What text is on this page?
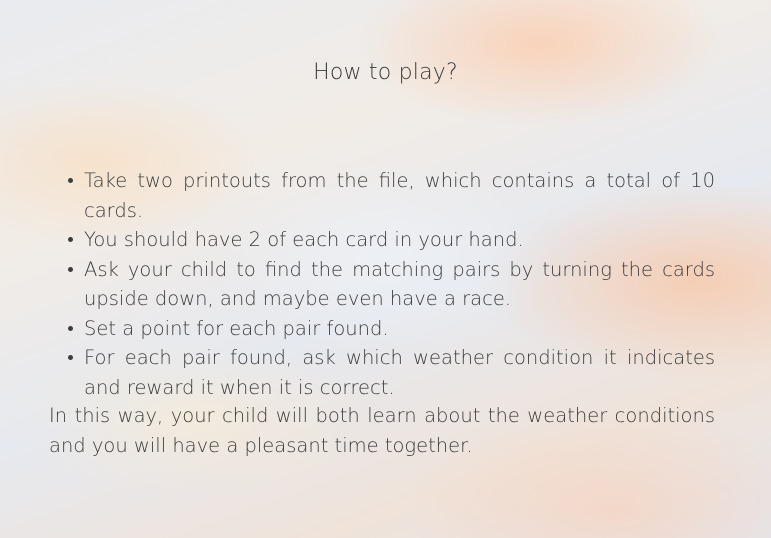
How to play?
Take two printouts from the file, which contains a total of 10 cards.
You should have 2 of each card in your hand.
Ask your child to find the matching pairs by turning the cards upside down, and maybe even have a race.
Set a point for each pair found.
For each pair found, ask which weather condition it indicates and reward it when it is correct.

In this way, your child will both learn about the weather conditions and you will have a pleasant time together.
